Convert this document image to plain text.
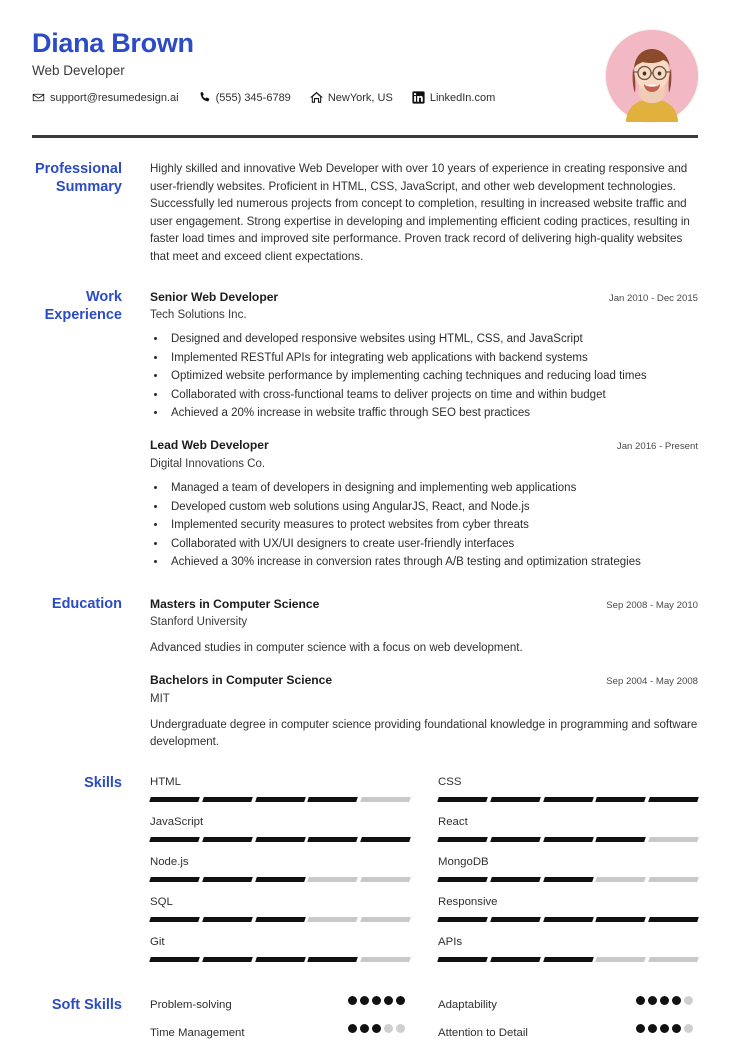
Diana Brown
Web Developer
support@resumedesign.ai	(555) 345-6789	NewYork, US	LinkedIn.com
Professional Summary
Highly skilled and innovative Web Developer with over 10 years of experience in creating responsive and user-friendly websites. Proficient in HTML, CSS, JavaScript, and other web development technologies. Successfully led numerous projects from concept to completion, resulting in increased website traffic and user engagement. Strong expertise in developing and implementing efficient coding practices, resulting in faster load times and improved site performance. Proven track record of delivering high-quality websites that meet and exceed client expectations.
Work Experience
Senior Web Developer	Jan 2010 - Dec 2015
Tech Solutions Inc.
• Designed and developed responsive websites using HTML, CSS, and JavaScript
• Implemented RESTful APIs for integrating web applications with backend systems
• Optimized website performance by implementing caching techniques and reducing load times
• Collaborated with cross-functional teams to deliver projects on time and within budget
• Achieved a 20% increase in website traffic through SEO best practices
Lead Web Developer	Jan 2016 - Present
Digital Innovations Co.
• Managed a team of developers in designing and implementing web applications
• Developed custom web solutions using AngularJS, React, and Node.js
• Implemented security measures to protect websites from cyber threats
• Collaborated with UX/UI designers to create user-friendly interfaces
• Achieved a 30% increase in conversion rates through A/B testing and optimization strategies
Education	Masters in Computer Science	Sep 2008 - May 2010
Stanford University
Advanced studies in computer science with a focus on web development.
Bachelors in Computer Science	Sep 2004 - May 2008
MIT
Undergraduate degree in computer science providing foundational knowledge in programming and software development.
Skills	HTML	CSS
JavaScript	React
Node.js	MongoDB
SQL	Responsive
Git	APIs
Soft Skills	Problem-solving	Adaptability
Time Management	Attention to Detail
